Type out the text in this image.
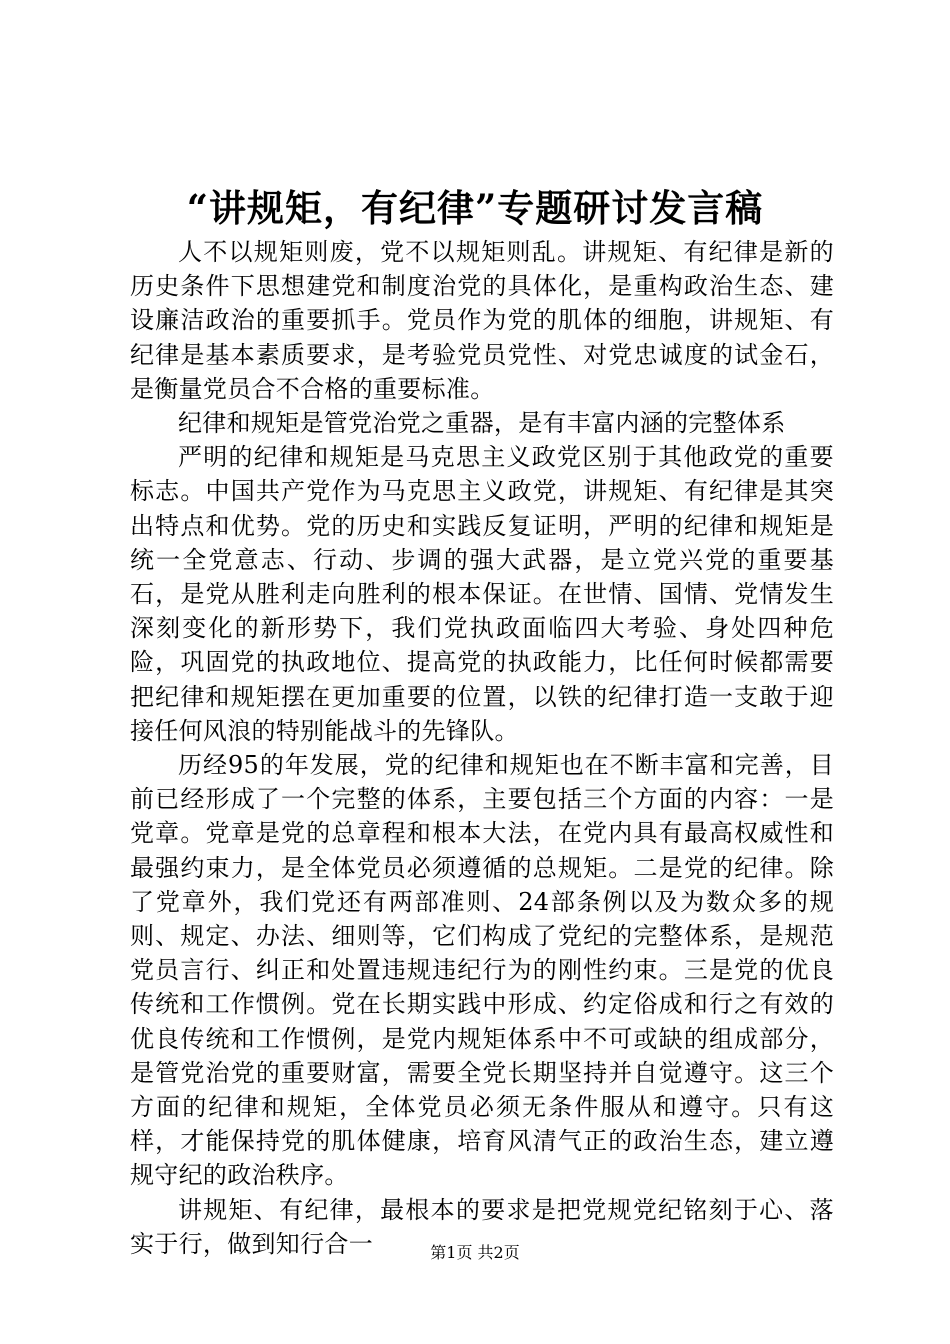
“讲规矩，有纪律”专题研讨发言稿

人不以规矩则废，党不以规矩则乱。讲规矩、有纪律是新的历史条件下思想建党和制度治党的具体化，是重构政治生态、建设廉洁政治的重要抓手。党员作为党的肌体的细胞，讲规矩、有纪律是基本素质要求，是考验党员党性、对党忠诚度的试金石，是衡量党员合不合格的重要标准。

纪律和规矩是管党治党之重器，是有丰富内涵的完整体系

严明的纪律和规矩是马克思主义政党区别于其他政党的重要标志。中国共产党作为马克思主义政党，讲规矩、有纪律是其突出特点和优势。党的历史和实践反复证明，严明的纪律和规矩是统一全党意志、行动、步调的强大武器，是立党兴党的重要基石，是党从胜利走向胜利的根本保证。在世情、国情、党情发生深刻变化的新形势下，我们党执政面临四大考验、身处四种危险，巩固党的执政地位、提高党的执政能力，比任何时候都需要把纪律和规矩摆在更加重要的位置，以铁的纪律打造一支敢于迎接任何风浪的特别能战斗的先锋队。

历经95的年发展，党的纪律和规矩也在不断丰富和完善，目前已经形成了一个完整的体系，主要包括三个方面的内容：一是党章。党章是党的总章程和根本大法，在党内具有最高权威性和最强约束力，是全体党员必须遵循的总规矩。二是党的纪律。除了党章外，我们党还有两部准则、24部条例以及为数众多的规则、规定、办法、细则等，它们构成了党纪的完整体系，是规范党员言行、纠正和处置违规违纪行为的刚性约束。三是党的优良传统和工作惯例。党在长期实践中形成、约定俗成和行之有效的优良传统和工作惯例，是党内规矩体系中不可或缺的组成部分，是管党治党的重要财富，需要全党长期坚持并自觉遵守。这三个方面的纪律和规矩，全体党员必须无条件服从和遵守。只有这样，才能保持党的肌体健康，培育风清气正的政治生态，建立遵规守纪的政治秩序。

讲规矩、有纪律，最根本的要求是把党规党纪铭刻于心、落实于行，做到知行合一	第1页 共2页
